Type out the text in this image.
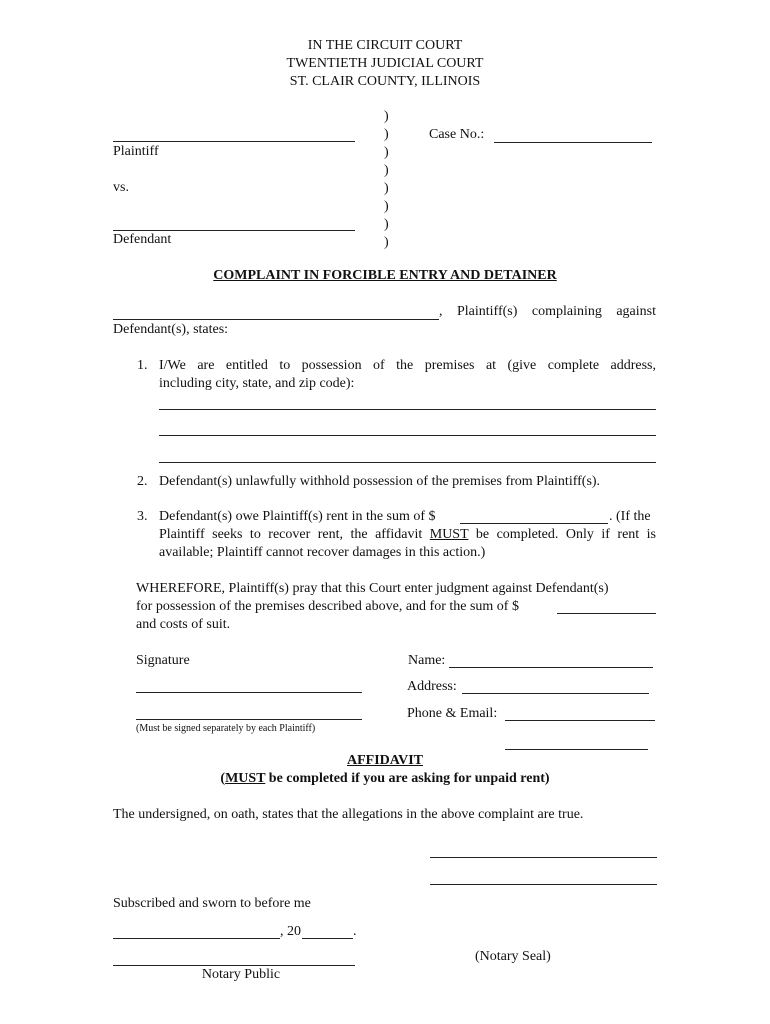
IN THE CIRCUIT COURT
TWENTIETH JUDICIAL COURT
ST. CLAIR COUNTY, ILLINOIS
)
)
)
)
)
)
)
)
Plaintiff
vs.
Defendant
Case No.:
COMPLAINT IN FORCIBLE ENTRY AND DETAINER
, Plaintiff(s) complaining against
Defendant(s), states:
1. I/We are entitled to possession of the premises at (give complete address,
including city, state, and zip code):
2. Defendant(s) unlawfully withhold possession of the premises from Plaintiff(s).
3. Defendant(s) owe Plaintiff(s) rent in the sum of $	. (If the
Plaintiff seeks to recover rent, the affidavit MUST be completed. Only if rent is
available; Plaintiff cannot recover damages in this action.)
WHEREFORE, Plaintiff(s) pray that this Court enter judgment against Defendant(s)
for possession of the premises described above, and for the sum of $
and costs of suit.
Signature
(Must be signed separately by each Plaintiff)
Name:
Address:
Phone & Email:
AFFIDAVIT
(MUST be completed if you are asking for unpaid rent)
The undersigned, on oath, states that the allegations in the above complaint are true.
Subscribed and sworn to before me
, 20	.
(Notary Seal)
Notary Public
